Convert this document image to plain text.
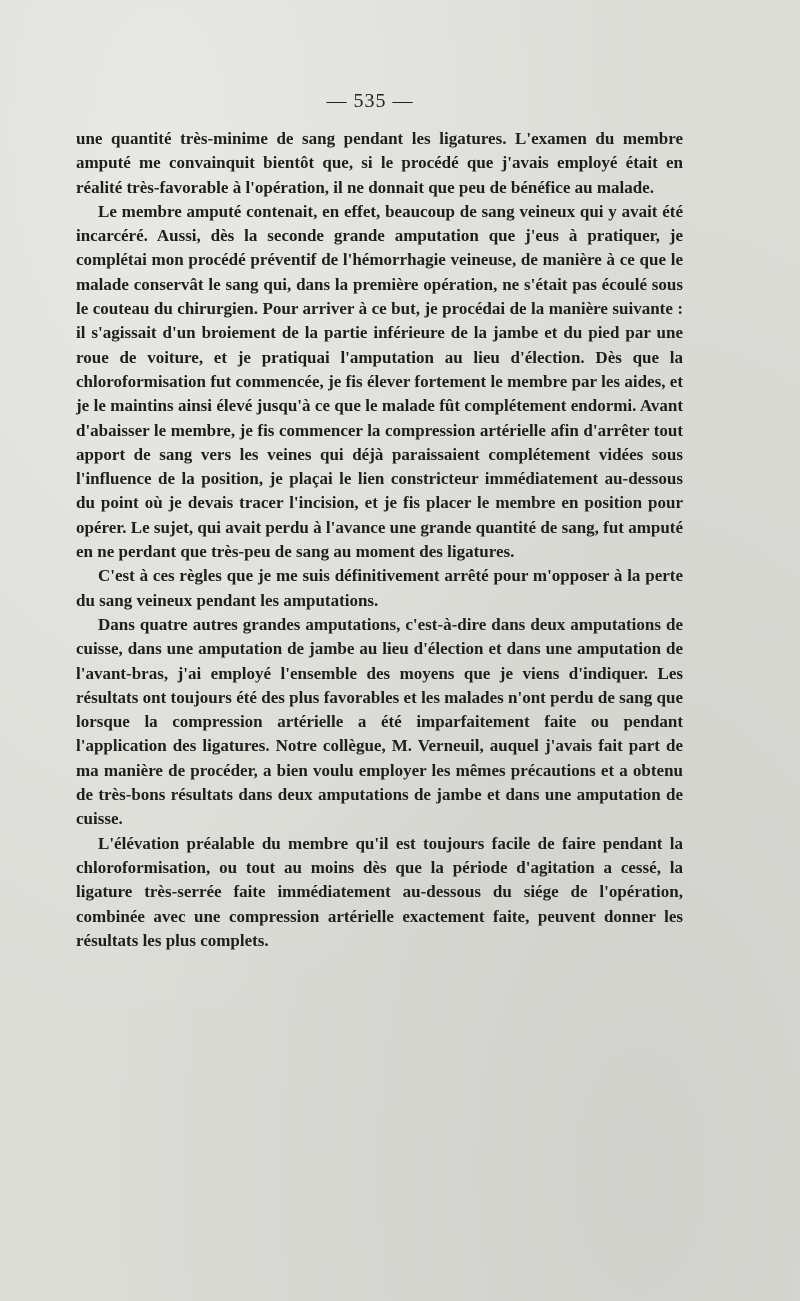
— 535 —

une quantité très-minime de sang pendant les ligatures. L'examen du membre amputé me convainquit bientôt que, si le procédé que j'avais employé était en réalité très-favorable à l'opération, il ne donnait que peu de bénéfice au malade.

Le membre amputé contenait, en effet, beaucoup de sang veineux qui y avait été incarcéré. Aussi, dès la seconde grande amputation que j'eus à pratiquer, je complétai mon procédé préventif de l'hémorrhagie veineuse, de manière à ce que le malade conservât le sang qui, dans la première opération, ne s'était pas écoulé sous le couteau du chirurgien. Pour arriver à ce but, je procédai de la manière suivante : il s'agissait d'un broiement de la partie inférieure de la jambe et du pied par une roue de voiture, et je pratiquai l'amputation au lieu d'élection. Dès que la chloroformisation fut commencée, je fis élever fortement le membre par les aides, et je le maintins ainsi élevé jusqu'à ce que le malade fût complétement endormi. Avant d'abaisser le membre, je fis commencer la compression artérielle afin d'arrêter tout apport de sang vers les veines qui déjà paraissaient complétement vidées sous l'influence de la position, je plaçai le lien constricteur immédiatement au-dessous du point où je devais tracer l'incision, et je fis placer le membre en position pour opérer. Le sujet, qui avait perdu à l'avance une grande quantité de sang, fut amputé en ne perdant que très-peu de sang au moment des ligatures.

C'est à ces règles que je me suis définitivement arrêté pour m'opposer à la perte du sang veineux pendant les amputations.

Dans quatre autres grandes amputations, c'est-à-dire dans deux amputations de cuisse, dans une amputation de jambe au lieu d'élection et dans une amputation de l'avant-bras, j'ai employé l'ensemble des moyens que je viens d'indiquer. Les résultats ont toujours été des plus favorables et les malades n'ont perdu de sang que lorsque la compression artérielle a été imparfaitement faite ou pendant l'application des ligatures. Notre collègue, M. Verneuil, auquel j'avais fait part de ma manière de procéder, a bien voulu employer les mêmes précautions et a obtenu de très-bons résultats dans deux amputations de jambe et dans une amputation de cuisse.

L'élévation préalable du membre qu'il est toujours facile de faire pendant la chloroformisation, ou tout au moins dès que la période d'agitation a cessé, la ligature très-serrée faite immédiatement au-dessous du siége de l'opération, combinée avec une compression artérielle exactement faite, peuvent donner les résultats les plus complets.
